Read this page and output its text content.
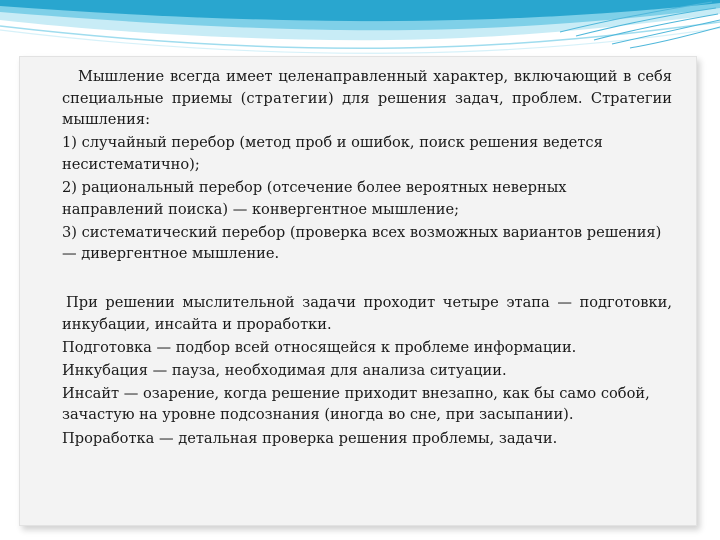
Мышление всегда имеет целенаправленный характер, включающий в себя специальные приемы (стратегии) для решения задач, проблем. Стратегии мышления:

1) случайный перебор (метод проб и ошибок, поиск решения ведется несистематично);

2) рациональный перебор (отсечение более вероятных неверных направлений поиска) — конвергентное мышление;

3) систематический перебор (проверка всех возможных вариантов решения) — дивергентное мышление.

При решении мыслительной задачи проходит четыре этапа — подготовки, инкубации, инсайта и проработки.

Подготовка — подбор всей относящейся к проблеме информации.

Инкубация — пауза, необходимая для анализа ситуации.

Инсайт — озарение, когда решение приходит внезапно, как бы само собой, зачастую на уровне подсознания (иногда во сне, при засыпании).

Проработка — детальная проверка решения проблемы, задачи.
